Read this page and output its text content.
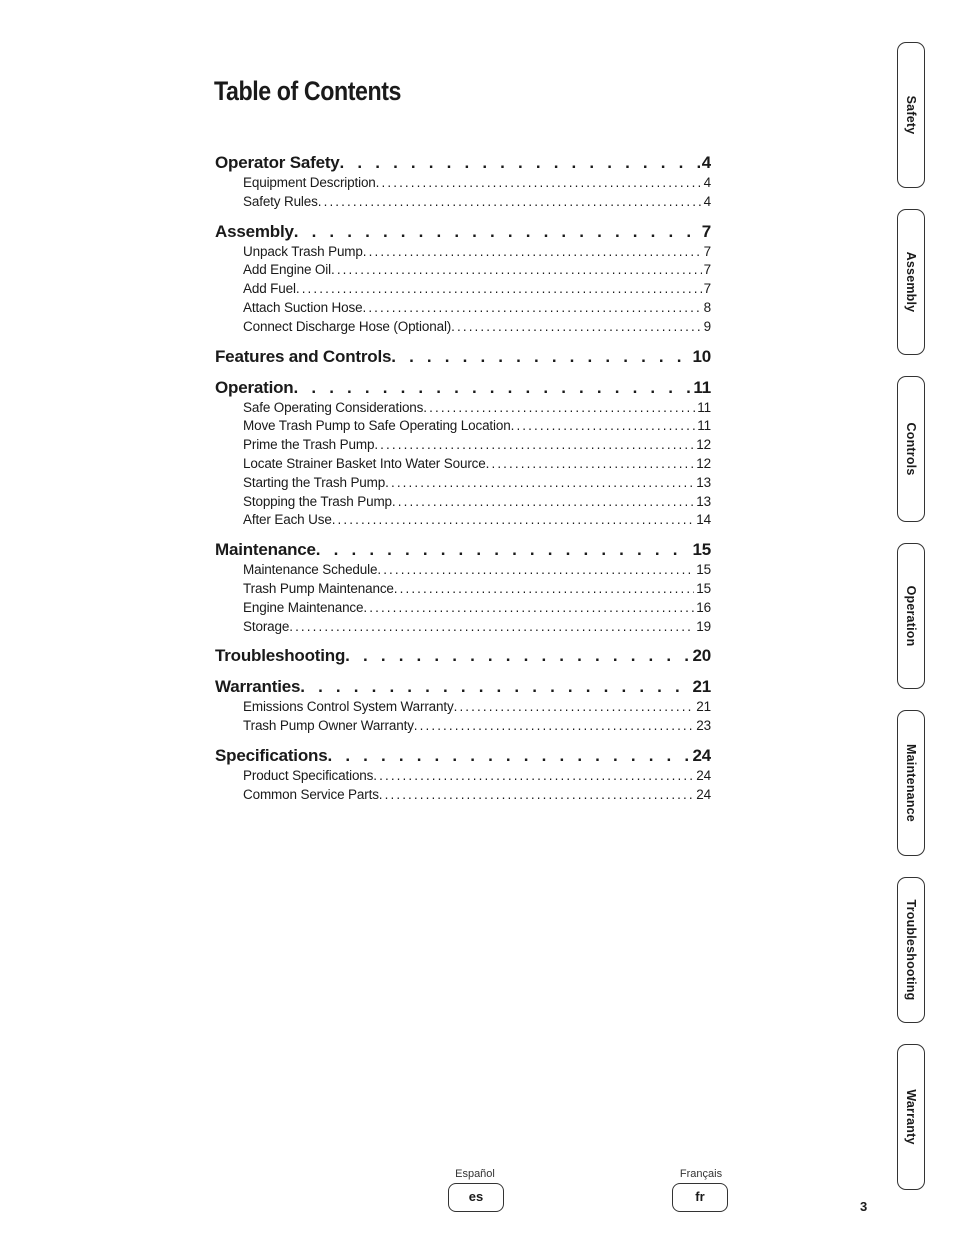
Table of Contents
Operator Safety . . .	4
Equipment Description .....	4
Safety Rules .....	4
Assembly . . .	7
Unpack Trash Pump .....	7
Add Engine Oil .....	7
Add Fuel .....	7
Attach Suction Hose .....	8
Connect Discharge Hose (Optional) .....	9
Features and Controls . . .	10
Operation . . .	11
Safe Operating Considerations .....	11
Move Trash Pump to Safe Operating Location .....	11
Prime the Trash Pump .....	12
Locate Strainer Basket Into Water Source .....	12
Starting the Trash Pump .....	13
Stopping the Trash Pump .....	13
After Each Use .....	14
Maintenance . . .	15
Maintenance Schedule .....	15
Trash Pump Maintenance .....	15
Engine Maintenance .....	16
Storage .....	19
Troubleshooting . . .	20
Warranties . . .	21
Emissions Control System Warranty .....	21
Trash Pump Owner Warranty .....	23
Specifications . . .	24
Product Specifications .....	24
Common Service Parts .....	24
Safety
Assembly
Controls
Operation
Maintenance
Troubleshooting
Warranty
Español
es
Français
fr
3
